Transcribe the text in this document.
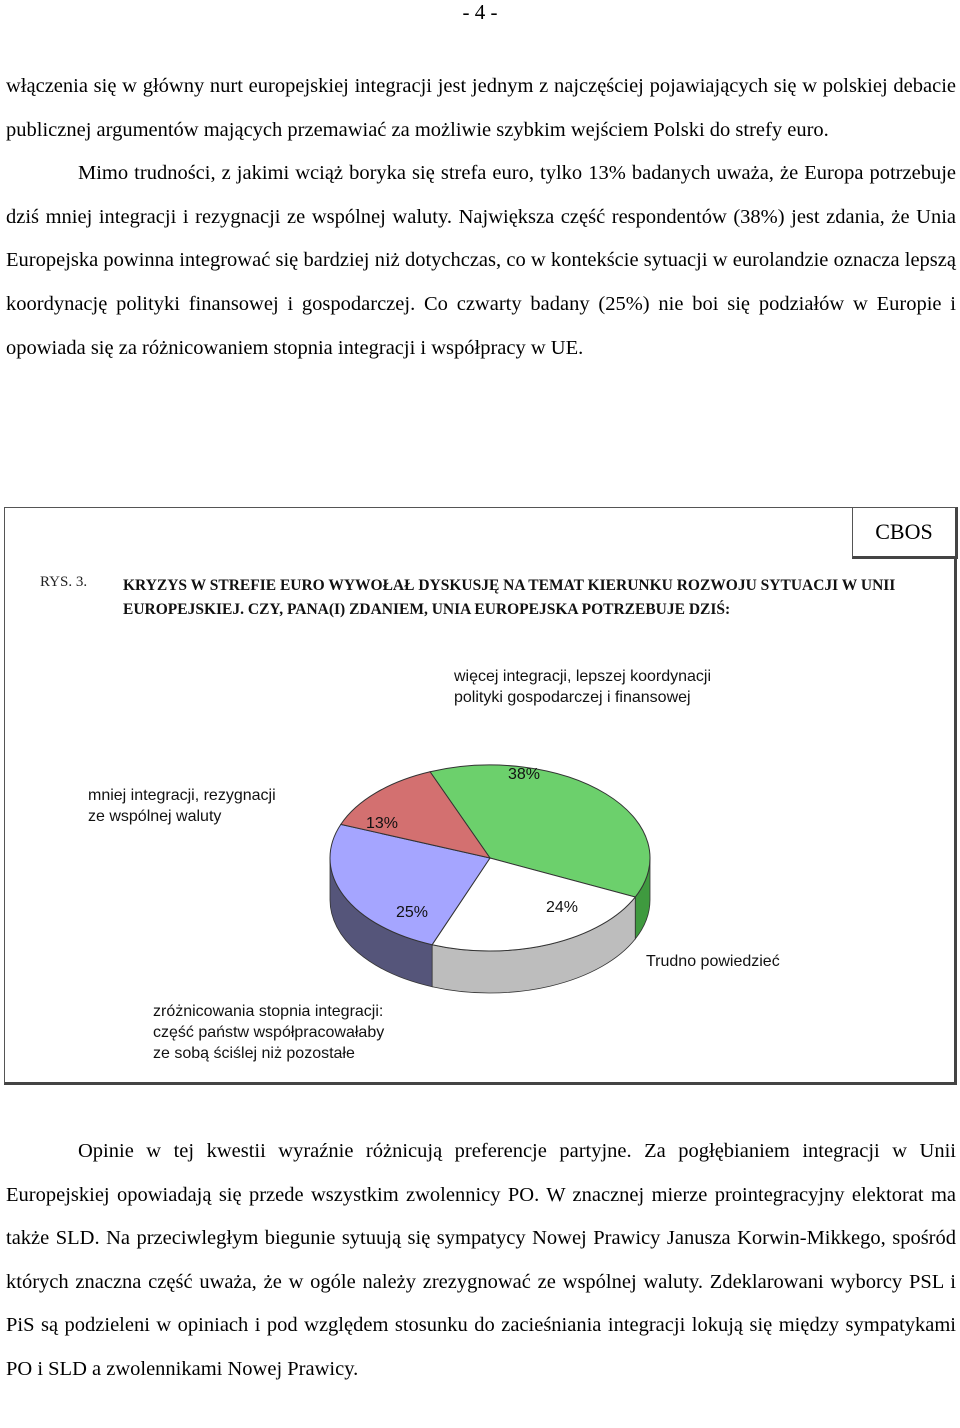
- 4 -

włączenia się w główny nurt europejskiej integracji jest jednym z najczęściej pojawiających się w polskiej debacie publicznej argumentów mających przemawiać za możliwie szybkim wejściem Polski do strefy euro.
Mimo trudności, z jakimi wciąż boryka się strefa euro, tylko 13% badanych uważa, że Europa potrzebuje dziś mniej integracji i rezygnacji ze wspólnej waluty. Największa część respondentów (38%) jest zdania, że Unia Europejska powinna integrować się bardziej niż dotychczas, co w kontekście sytuacji w eurolandzie oznacza lepszą koordynację polityki finansowej i gospodarczej. Co czwarty badany (25%) nie boi się podziałów w Europie i opowiada się za różnicowaniem stopnia integracji i współpracy w UE.

CBOS
RYS. 3. KRYZYS W STREFIE EURO WYWOŁAŁ DYSKUSJĘ NA TEMAT KIERUNKU ROZWOJU SYTUACJI W UNII EUROPEJSKIEJ. CZY, PANA(I) ZDANIEM, UNIA EUROPEJSKA POTRZEBUJE DZIŚ:
38%
24%
25%
13%
więcej integracji, lepszej koordynacji
polityki gospodarczej i finansowej
Trudno powiedzieć
zróżnicowania stopnia integracji:
część państw współpracowałaby
ze sobą ściślej niż pozostałe
mniej integracji, rezygnacji
ze wspólnej waluty

Opinie w tej kwestii wyraźnie różnicują preferencje partyjne. Za pogłębianiem integracji w Unii Europejskiej opowiadają się przede wszystkim zwolennicy PO. W znacznej mierze prointegracyjny elektorat ma także SLD. Na przeciwległym biegunie sytuują się sympatycy Nowej Prawicy Janusza Korwin-Mikkego, spośród których znaczna część uważa, że w ogóle należy zrezygnować ze wspólnej waluty. Zdeklarowani wyborcy PSL i PiS są podzieleni w opiniach i pod względem stosunku do zacieśniania integracji lokują się między sympatykami PO i SLD a zwolennikami Nowej Prawicy.
